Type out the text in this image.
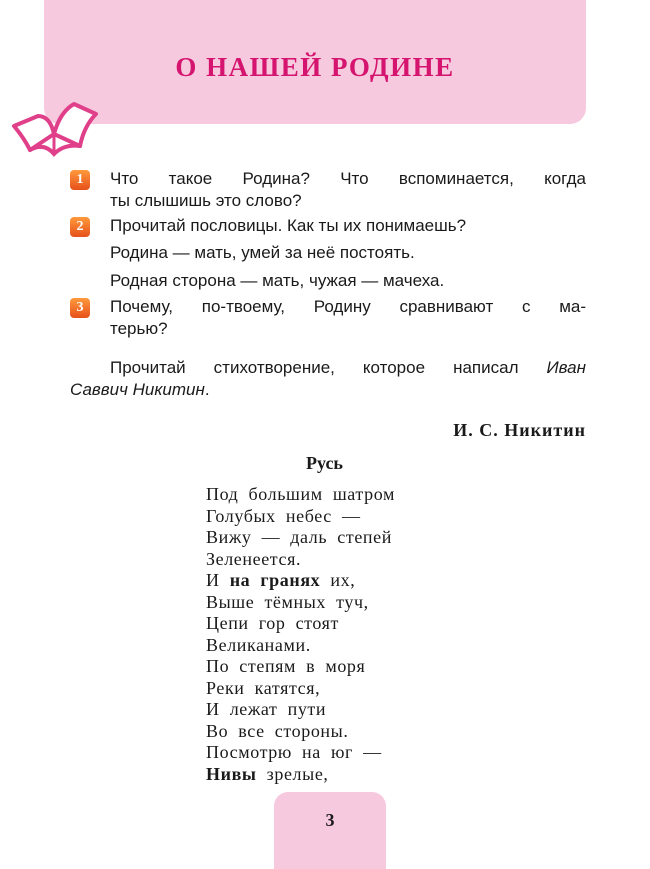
О НАШЕЙ РОДИНЕ
1	Что такое Родина? Что вспоминается, когда
ты слышишь это слово?
2	Прочитай пословицы. Как ты их понимаешь?
Родина — мать, умей за неё постоять.
Родная сторона — мать, чужая — мачеха.
3	Почему, по-твоему, Родину сравнивают с ма-
терью?
Прочитай стихотворение, которое написал Иван
Саввич Никитин.
И. С. Никитин
Русь
Под большим шатром
Голубых небес —
Вижу — даль степей
Зеленеется.
И на гранях их,
Выше тёмных туч,
Цепи гор стоят
Великанами.
По степям в моря
Реки катятся,
И лежат пути
Во все стороны.
Посмотрю на юг —
Нивы зрелые,
3
